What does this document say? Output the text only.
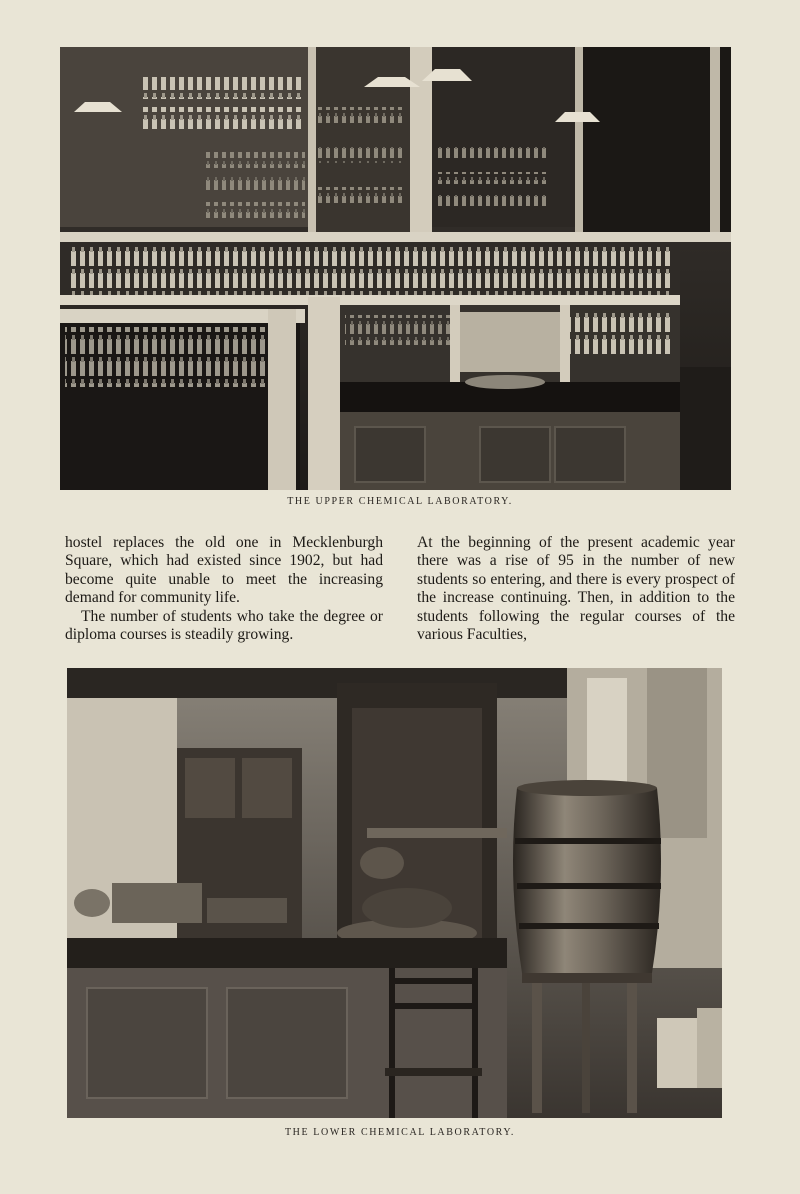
THE UPPER CHEMICAL LABORATORY.

hostel replaces the old one in Mecklenburgh Square, which had existed since 1902, but had become quite unable to meet the increasing demand for community life.

The number of students who take the degree or diploma courses is steadily growing.

At the beginning of the present academic year there was a rise of 95 in the number of new students so entering, and there is every prospect of the increase continuing. Then, in addition to the students following the regular courses of the various Faculties,

THE LOWER CHEMICAL LABORATORY.
